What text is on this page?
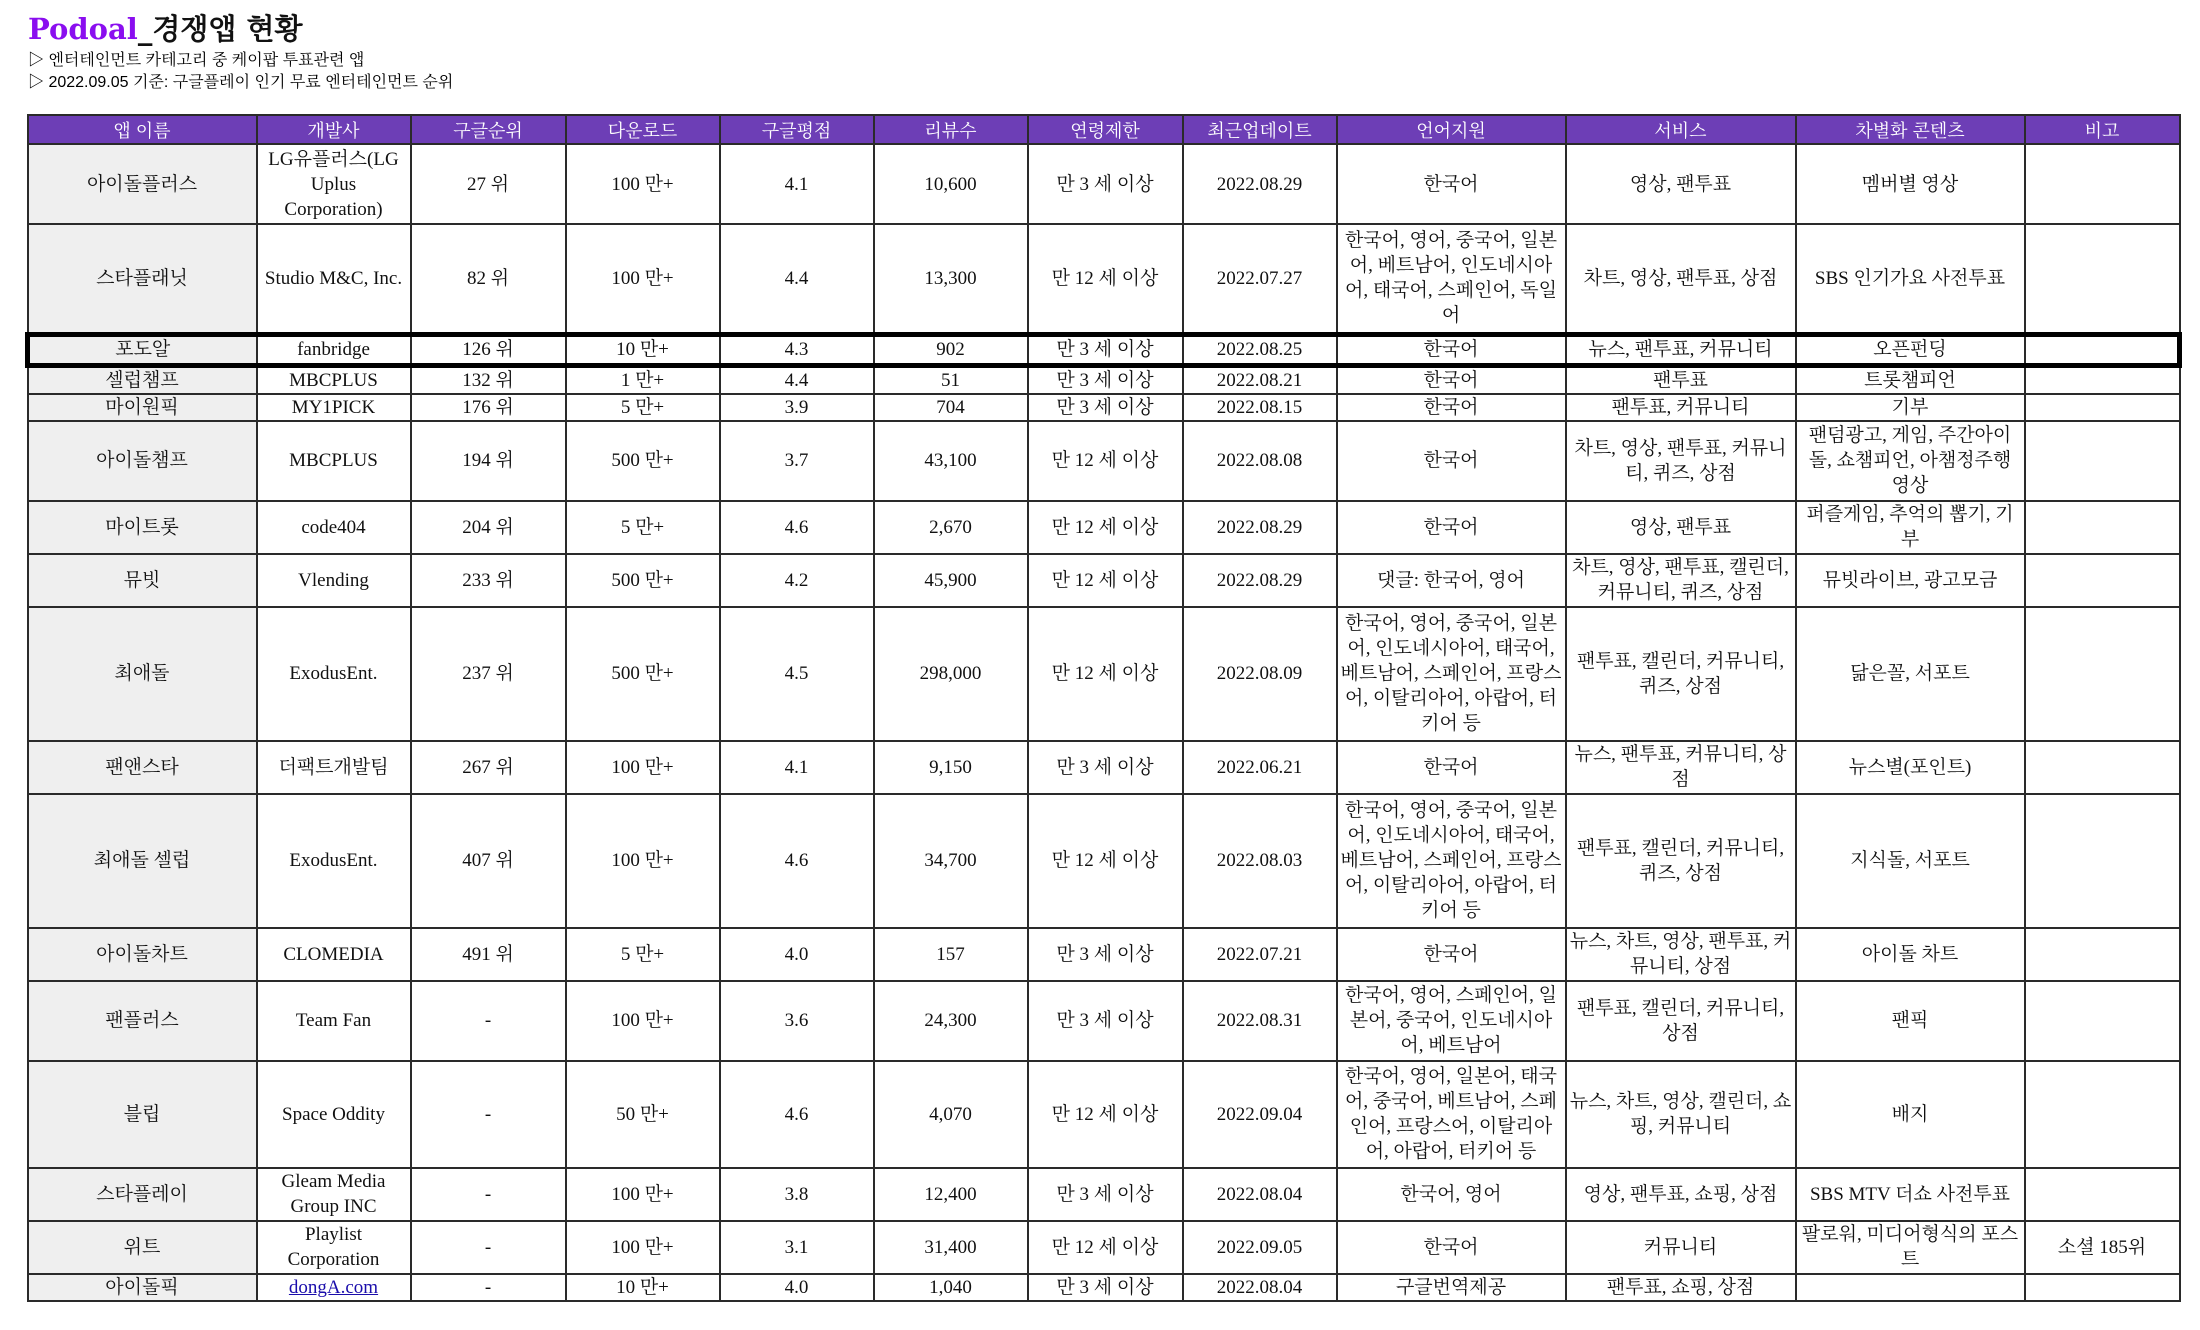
Podoal_경쟁앱 현황
▷ 엔터테인먼트 카테고리 중 케이팝 투표관련 앱
▷ 2022.09.05 기준: 구글플레이 인기 무료 엔터테인먼트 순위
앱 이름	개발사	구글순위	다운로드	구글평점	리뷰수	연령제한	최근업데이트	언어지원	서비스	차별화 콘텐츠	비고
아이돌플러스	LG유플러스(LG Uplus Corporation)	27 위	100 만+	4.1	10,600	만 3 세 이상	2022.08.29	한국어	영상, 팬투표	멤버별 영상	
스타플래닛	Studio M&C, Inc.	82 위	100 만+	4.4	13,300	만 12 세 이상	2022.07.27	한국어, 영어, 중국어, 일본어, 베트남어, 인도네시아어, 태국어, 스페인어, 독일어	차트, 영상, 팬투표, 상점	SBS 인기가요 사전투표	
포도알	fanbridge	126 위	10 만+	4.3	902	만 3 세 이상	2022.08.25	한국어	뉴스, 팬투표, 커뮤니티	오픈펀딩	
셀럽챔프	MBCPLUS	132 위	1 만+	4.4	51	만 3 세 이상	2022.08.21	한국어	팬투표	트롯챔피언	
마이원픽	MY1PICK	176 위	5 만+	3.9	704	만 3 세 이상	2022.08.15	한국어	팬투표, 커뮤니티	기부	
아이돌챔프	MBCPLUS	194 위	500 만+	3.7	43,100	만 12 세 이상	2022.08.08	한국어	차트, 영상, 팬투표, 커뮤니티, 퀴즈, 상점	팬덤광고, 게임, 주간아이돌, 쇼챔피언, 아챔정주행 영상	
마이트롯	code404	204 위	5 만+	4.6	2,670	만 12 세 이상	2022.08.29	한국어	영상, 팬투표	퍼즐게임, 추억의 뽑기, 기부	
뮤빗	Vlending	233 위	500 만+	4.2	45,900	만 12 세 이상	2022.08.29	댓글: 한국어, 영어	차트, 영상, 팬투표, 캘린더, 커뮤니티, 퀴즈, 상점	뮤빗라이브, 광고모금	
최애돌	ExodusEnt.	237 위	500 만+	4.5	298,000	만 12 세 이상	2022.08.09	한국어, 영어, 중국어, 일본어, 인도네시아어, 태국어, 베트남어, 스페인어, 프랑스어, 이탈리아어, 아랍어, 터키어 등	팬투표, 캘린더, 커뮤니티, 퀴즈, 상점	닮은꼴, 서포트	
팬앤스타	더팩트개발팀	267 위	100 만+	4.1	9,150	만 3 세 이상	2022.06.21	한국어	뉴스, 팬투표, 커뮤니티, 상점	뉴스별(포인트)	
최애돌 셀럽	ExodusEnt.	407 위	100 만+	4.6	34,700	만 12 세 이상	2022.08.03	한국어, 영어, 중국어, 일본어, 인도네시아어, 태국어, 베트남어, 스페인어, 프랑스어, 이탈리아어, 아랍어, 터키어 등	팬투표, 캘린더, 커뮤니티, 퀴즈, 상점	지식돌, 서포트	
아이돌차트	CLOMEDIA	491 위	5 만+	4.0	157	만 3 세 이상	2022.07.21	한국어	뉴스, 차트, 영상, 팬투표, 커뮤니티, 상점	아이돌 차트	
팬플러스	Team Fan	-	100 만+	3.6	24,300	만 3 세 이상	2022.08.31	한국어, 영어, 스페인어, 일본어, 중국어, 인도네시아어, 베트남어	팬투표, 캘린더, 커뮤니티, 상점	팬픽	
블립	Space Oddity	-	50 만+	4.6	4,070	만 12 세 이상	2022.09.04	한국어, 영어, 일본어, 태국어, 중국어, 베트남어, 스페인어, 프랑스어, 이탈리아어, 아랍어, 터키어 등	뉴스, 차트, 영상, 캘린더, 쇼핑, 커뮤니티	배지	
스타플레이	Gleam Media Group INC	-	100 만+	3.8	12,400	만 3 세 이상	2022.08.04	한국어, 영어	영상, 팬투표, 쇼핑, 상점	SBS MTV 더쇼 사전투표	
위트	Playlist Corporation	-	100 만+	3.1	31,400	만 12 세 이상	2022.09.05	한국어	커뮤니티	팔로워, 미디어형식의 포스트	소셜 185위
아이돌픽	dongA.com	-	10 만+	4.0	1,040	만 3 세 이상	2022.08.04	구글번역제공	팬투표, 쇼핑, 상점		
